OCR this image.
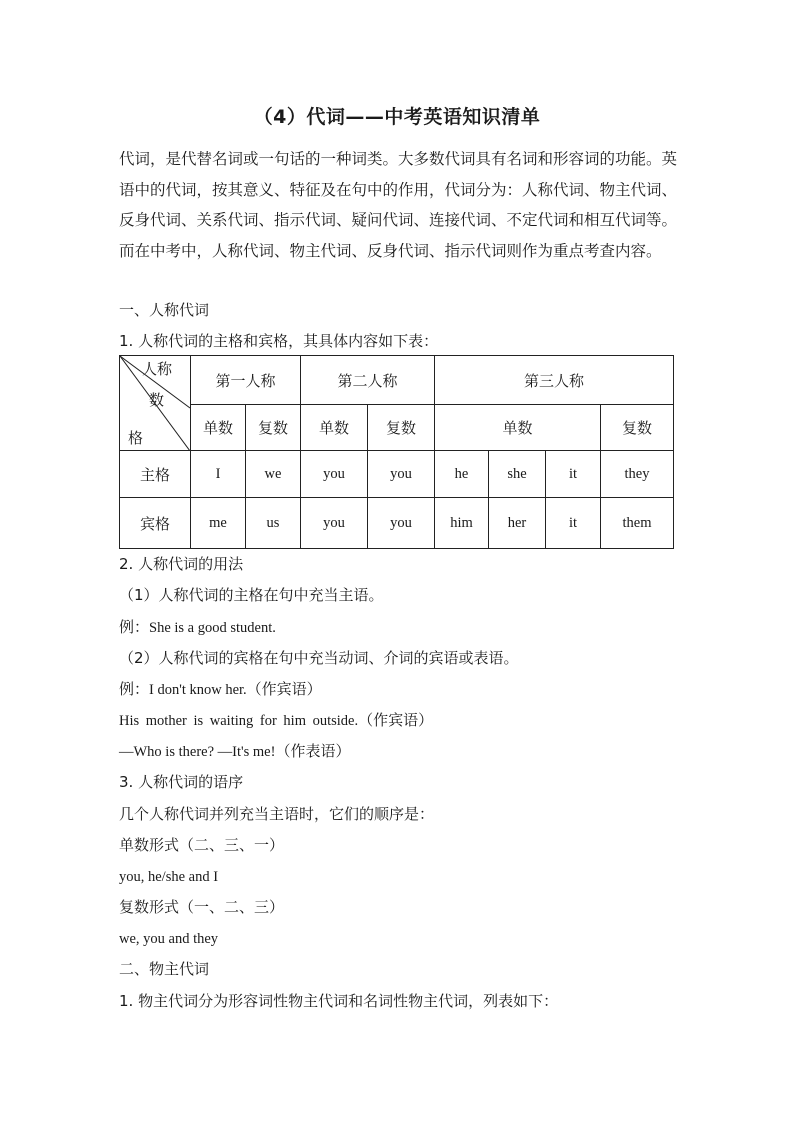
（4）代词——中考英语知识清单
代词，是代替名词或一句话的一种词类。大多数代词具有名词和形容词的功能。英语中的代词，按其意义、特征及在句中的作用，代词分为：人称代词、物主代词、反身代词、关系代词、指示代词、疑问代词、连接代词、不定代词和相互代词等。而在中考中，人称代词、物主代词、反身代词、指示代词则作为重点考查内容。
一、人称代词
1. 人称代词的主格和宾格，其具体内容如下表：
人称
数
格	第一人称		第二人称		第三人称			
	单数	复数	单数	复数	单数			复数
主格	I	we	you	you	he	she	it	they
宾格	me	us	you	you	him	her	it	them
2. 人称代词的用法
（1）人称代词的主格在句中充当主语。
例：She is a good student.
（2）人称代词的宾格在句中充当动词、介词的宾语或表语。
例：I don't know her.（作宾语）
His mother is waiting for him outside.（作宾语）
—Who is there? —It's me!（作表语）
3. 人称代词的语序
几个人称代词并列充当主语时，它们的顺序是：
单数形式（二、三、一）
you, he/she and I
复数形式（一、二、三）
we, you and they
二、物主代词
1. 物主代词分为形容词性物主代词和名词性物主代词，列表如下：
